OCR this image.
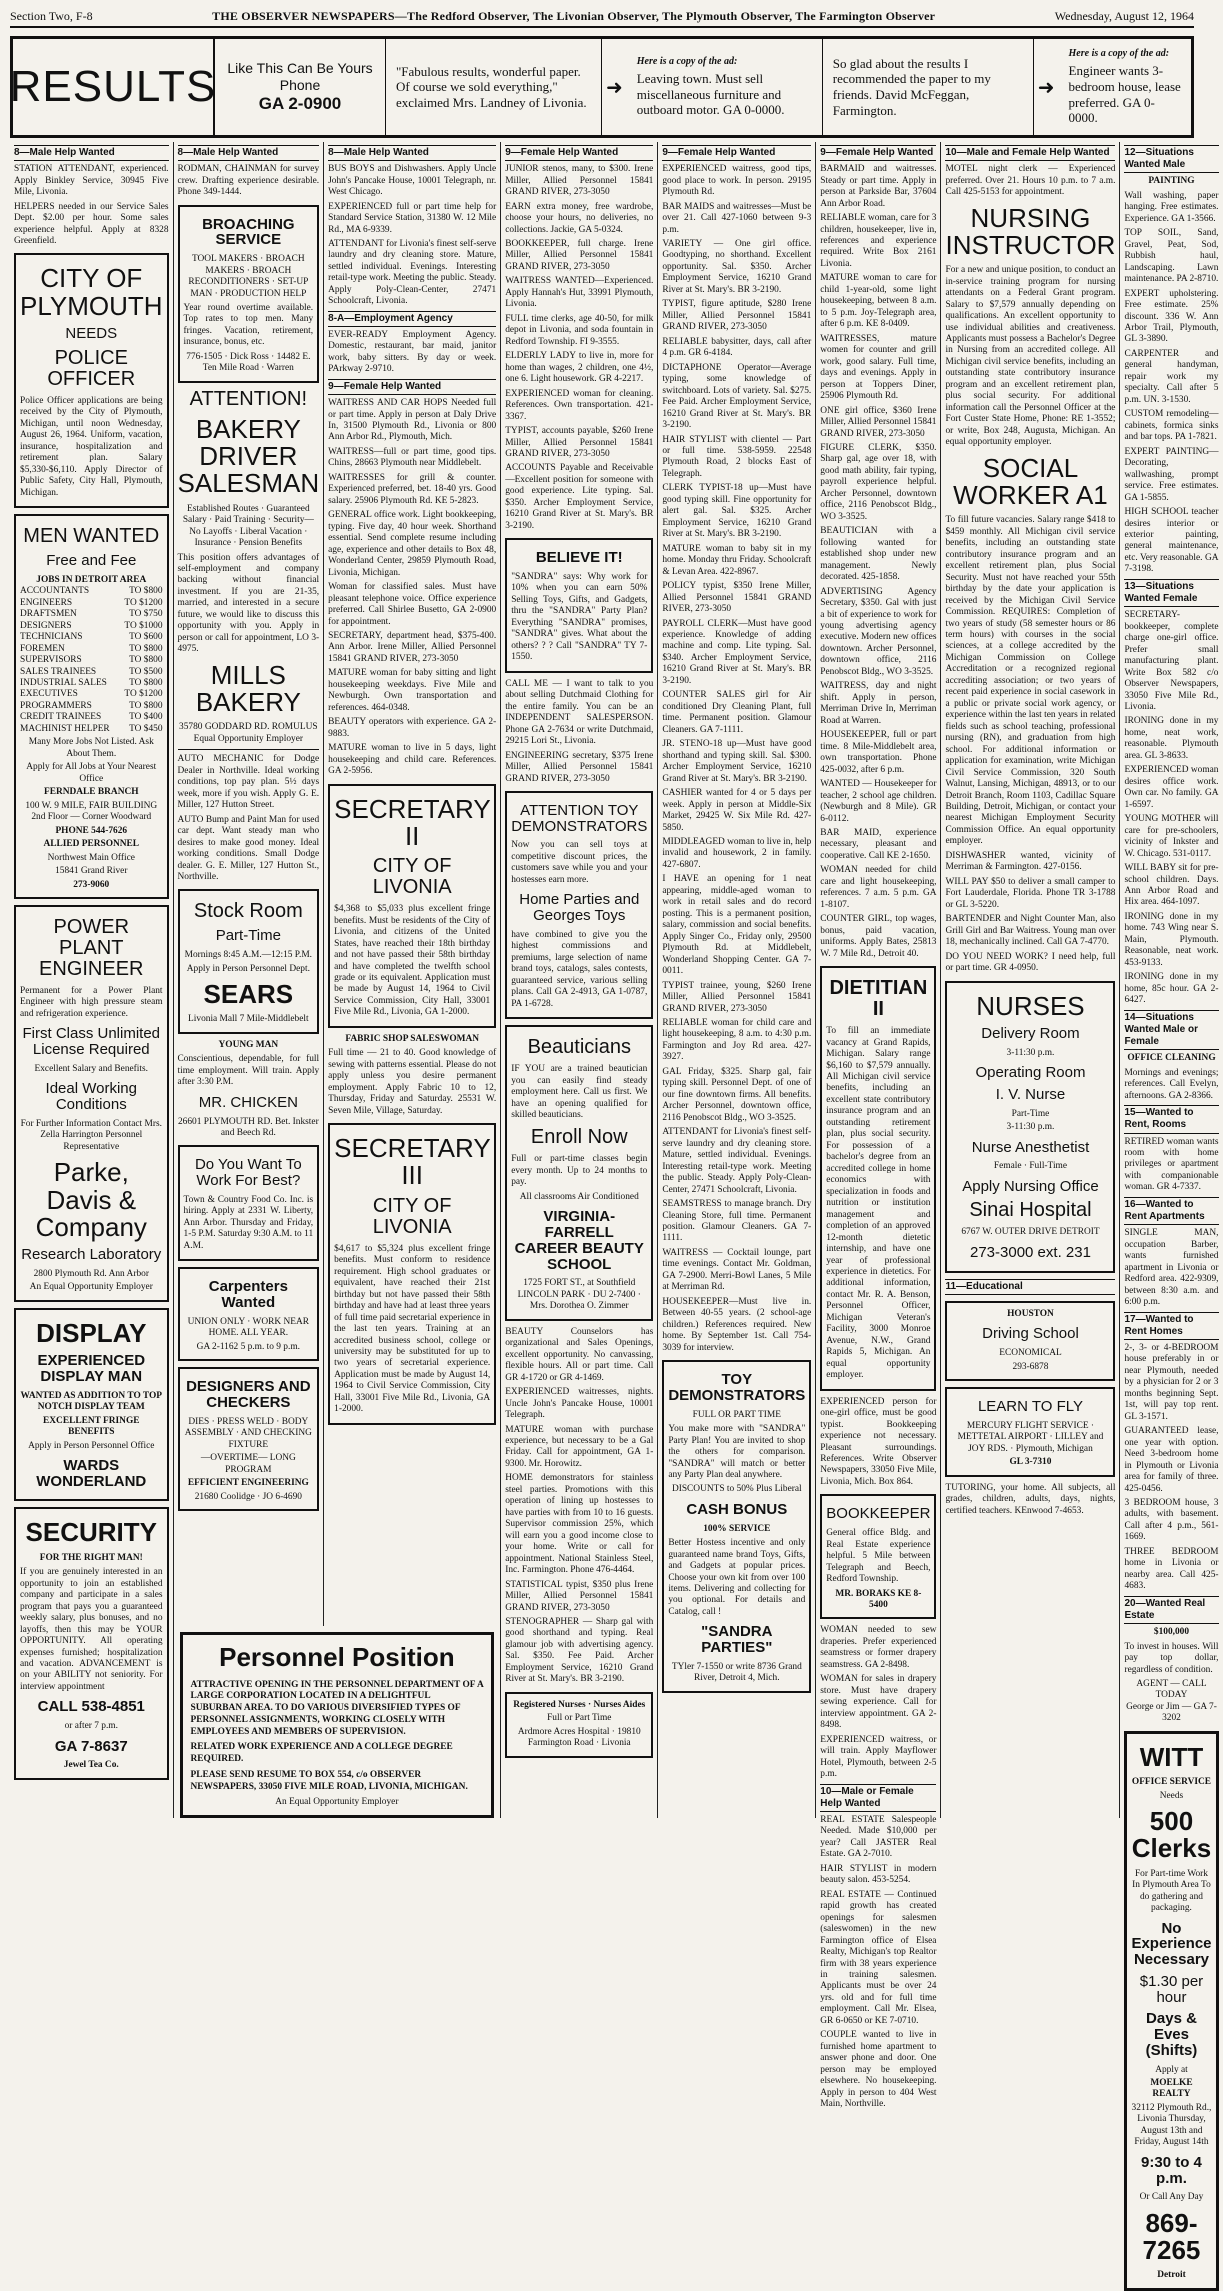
Section Two, F-8	THE OBSERVER NEWSPAPERS—The Redford Observer, The Livonian Observer, The Plymouth Observer, The Farmington Observer	Wednesday, August 12, 1964
RESULTS Like This Can Be Yours
Phone
GA 2-0900
"Fabulous results, wonderful paper. Of course we sold everything," exclaimed Mrs. Landney of Livonia.
➜
Here is a copy of the ad:
Leaving town. Must sell miscellaneous furniture and outboard motor. GA 0-0000.
So glad about the results I recommended the paper to my friends. David McFeggan, Farmington.
➜
Here is a copy of the ad:
Engineer wants 3-bedroom house, lease preferred. GA 0-0000.
8—Male Help Wanted
STATION ATTENDANT, experienced. Apply Binkley Service, 30945 Five Mile, Livonia.
HELPERS needed in our Service Sales Dept. $2.00 per hour. Some sales experience helpful. Apply at 8328 Greenfield.
CITY OF PLYMOUTH
NEEDS
POLICE OFFICER
Police Officer applications are being received by the City of Plymouth, Michigan, until noon Wednesday, August 26, 1964. Uniform, vacation, insurance, hospitalization and retirement plan. Salary $5,330-$6,110. Apply Director of Public Safety, City Hall, Plymouth, Michigan.
MEN WANTED
Free and Fee
JOBS IN DETROIT AREA
ACCOUNTANTS	TO $800
ENGINEERS	TO $1200
DRAFTSMEN	TO $750
DESIGNERS	TO $1000
TECHNICIANS	TO $600
FOREMEN	TO $800
SUPERVISORS	TO $800
SALES TRAINEES	TO $500
INDUSTRIAL SALES TO $800
EXECUTIVES	TO $1200
PROGRAMMERS	TO $800
CREDIT TRAINEES	TO $400
MACHINIST HELPER TO $450
Many More Jobs Not Listed. Ask About Them.
Apply for All Jobs at Your Nearest Office
FERNDALE BRANCH
100 W. 9 MILE, FAIR BUILDING 2nd Floor — Corner Woodward
PHONE 544-7626
ALLIED PERSONNEL
Northwest Main Office
15841 Grand River
273-9060
POWER PLANT ENGINEER
Permanent for a Power Plant Engineer with high pressure steam and refrigeration experience.
First Class Unlimited License Required
Excellent Salary and Benefits.
Ideal Working Conditions
For Further Information Contact Mrs. Zella Harrington Personnel Representative
Parke, Davis & Company
Research Laboratory
2800 Plymouth Rd. Ann Arbor
An Equal Opportunity Employer
DISPLAY
EXPERIENCED DISPLAY MAN
WANTED AS ADDITION TO TOP NOTCH DISPLAY TEAM
EXCELLENT FRINGE BENEFITS
Apply in Person Personnel Office
WARDS WONDERLAND
SECURITY
FOR THE RIGHT MAN!
If you are genuinely interested in an opportunity to join an established company and participate in a sales program that pays you a guaranteed weekly salary, plus bonuses, and no layoffs, then this may be YOUR OPPORTUNITY. All operating expenses furnished; hospitalization and vacation. ADVANCEMENT is on your ABILITY not seniority. For interview appointment
CALL 538-4851
or after 7 p.m.
GA 7-8637
Jewel Tea Co.
8—Male Help Wanted
RODMAN, CHAINMAN for survey crew. Drafting experience desirable. Phone 349-1444.
BROACHING SERVICE
TOOL MAKERS · BROACH MAKERS · BROACH RECONDITIONERS · SET-UP MAN · PRODUCTION HELP
Year round overtime available. Top rates to top men. Many fringes. Vacation, retirement, insurance, bonus, etc.
776-1505 · Dick Ross · 14482 E. Ten Mile Road · Warren
ATTENTION!
BAKERY DRIVER SALESMAN
Established Routes · Guaranteed Salary · Paid Training · Security—No Layoffs · Liberal Vacation · Insurance · Pension Benefits
This position offers advantages of self-employment and company backing without financial investment. If you are 21-35, married, and interested in a secure future, we would like to discuss this opportunity with you. Apply in person or call for appointment, LO 3-4975.
MILLS BAKERY
35780 GODDARD RD. ROMULUS
Equal Opportunity Employer
AUTO MECHANIC for Dodge Dealer in Northville. Ideal working conditions, top pay plan. 5½ days week, more if you wish. Apply G. E. Miller, 127 Hutton Street.
AUTO Bump and Paint Man for used car dept. Want steady man who desires to make good money. Ideal working conditions. Small Dodge dealer. G. E. Miller, 127 Hutton St., Northville.
Stock Room
Part-Time
Mornings 8:45 A.M.—12:15 P.M.
Apply in Person Personnel Dept.
SEARS
Livonia Mall 7 Mile-Middlebelt
YOUNG MAN
Conscientious, dependable, for full time employment. Will train. Apply after 3:30 P.M.
MR. CHICKEN
26601 PLYMOUTH RD. Bet. Inkster and Beech Rd.
Do You Want To Work For Best?
Town & Country Food Co. Inc. is hiring. Apply at 2331 W. Liberty, Ann Arbor. Thursday and Friday, 1-5 P.M. Saturday 9:30 A.M. to 11 A.M.
Carpenters Wanted
UNION ONLY · WORK NEAR HOME. ALL YEAR.
GA 2-1162 5 p.m. to 9 p.m.
DESIGNERS AND CHECKERS
DIES · PRESS WELD · BODY ASSEMBLY · AND CHECKING FIXTURE
—OVERTIME— LONG PROGRAM
EFFICIENT ENGINEERING
21680 Coolidge · JO 6-4690
8—Male Help Wanted
BUS BOYS and Dishwashers. Apply Uncle John's Pancake House, 10001 Telegraph, nr. West Chicago.
EXPERIENCED full or part time help for Standard Service Station, 31380 W. 12 Mile Rd., MA 6-9339.
ATTENDANT for Livonia's finest self-serve laundry and dry cleaning store. Mature, settled individual. Evenings. Interesting retail-type work. Meeting the public. Steady. Apply Poly-Clean-Center, 27471 Schoolcraft, Livonia.
8-A—Employment Agency
EVER-READY Employment Agency. Domestic, restaurant, bar maid, janitor work, baby sitters. By day or week. PArkway 2-9710.
9—Female Help Wanted
WAITRESS AND CAR HOPS Needed full or part time. Apply in person at Daly Drive In, 31500 Plymouth Rd., Livonia or 800 Ann Arbor Rd., Plymouth, Mich.
WAITRESS—full or part time, good tips. Chins, 28663 Plymouth near Middlebelt.
WAITRESSES for grill & counter. Experienced preferred, bet. 18-40 yrs. Good salary. 25906 Plymouth Rd. KE 5-2823.
GENERAL office work. Light bookkeeping, typing. Five day, 40 hour week. Shorthand essential. Send complete resume including age, experience and other details to Box 48, Wonderland Center, 29859 Plymouth Road, Livonia, Michigan.
Woman for classified sales. Must have pleasant telephone voice. Office experience preferred. Call Shirlee Busetto, GA 2-0900 for appointment.
SECRETARY, department head, $375-400. Ann Arbor. Irene Miller, Allied Personnel 15841 GRAND RIVER, 273-3050
MATURE woman for baby sitting and light housekeeping weekdays. Five Mile and Newburgh. Own transportation and references. 464-0348.
BEAUTY operators with experience. GA 2-9883.
MATURE woman to live in 5 days, light housekeeping and child care. References. GA 2-5956.
SECRETARY II
CITY OF LIVONIA
$4,368 to $5,033 plus excellent fringe benefits. Must be residents of the City of Livonia, and citizens of the United States, have reached their 18th birthday and not have passed their 58th birthday and have completed the twelfth school grade or its equivalent. Application must be made by August 14, 1964 to Civil Service Commission, City Hall, 33001 Five Mile Rd., Livonia, GA 1-2000.
FABRIC SHOP SALESWOMAN
Full time — 21 to 40. Good knowledge of sewing with patterns essential. Please do not apply unless you desire permanent employment. Apply Fabric 10 to 12, Thursday, Friday and Saturday. 25531 W. Seven Mile, Village, Saturday.
SECRETARY III
CITY OF LIVONIA
$4,617 to $5,324 plus excellent fringe benefits. Must conform to residence requirement. High school graduates or equivalent, have reached their 21st birthday but not have passed their 58th birthday and have had at least three years of full time paid secretarial experience in the last ten years. Training at an accredited business school, college or university may be substituted for up to two years of secretarial experience. Application must be made by August 14, 1964 to Civil Service Commission, City Hall, 33001 Five Mile Rd., Livonia, GA 1-2000.
Personnel Position
ATTRACTIVE OPENING IN THE PERSONNEL DEPARTMENT OF A LARGE CORPORATION LOCATED IN A DELIGHTFUL SUBURBAN AREA. TO DO VARIOUS DIVERSIFIED TYPES OF PERSONNEL ASSIGNMENTS, WORKING CLOSELY WITH EMPLOYEES AND MEMBERS OF SUPERVISION.
RELATED WORK EXPERIENCE AND A COLLEGE DEGREE REQUIRED.
PLEASE SEND RESUME TO BOX 554, c/o OBSERVER NEWSPAPERS, 33050 FIVE MILE ROAD, LIVONIA, MICHIGAN.
An Equal Opportunity Employer
9—Female Help Wanted
JUNIOR stenos, many, to $300. Irene Miller, Allied Personnel 15841 GRAND RIVER, 273-3050
EARN extra money, free wardrobe, choose your hours, no deliveries, no collections. Jackie, GA 5-0324.
BOOKKEEPER, full charge. Irene Miller, Allied Personnel 15841 GRAND RIVER, 273-3050
WAITRESS WANTED—Experienced. Apply Hannah's Hut, 33991 Plymouth, Livonia.
FULL time clerks, age 40-50, for milk depot in Livonia, and soda fountain in Redford Township. FI 9-3555.
ELDERLY LADY to live in, more for home than wages, 2 children, one 4½, one 6. Light housework. GR 4-2217.
EXPERIENCED woman for cleaning. References. Own transportation. 421-3367.
TYPIST, accounts payable, $260 Irene Miller, Allied Personnel 15841 GRAND RIVER, 273-3050
ACCOUNTS Payable and Receivable—Excellent position for someone with good experience. Lite typing. Sal. $350. Archer Employment Service, 16210 Grand River at St. Mary's. BR 3-2190.
BELIEVE IT!
"SANDRA" says: Why work for 10% when you can earn 50% Selling Toys, Gifts, and Gadgets, thru the "SANDRA" Party Plan? Everything "SANDRA" promises, "SANDRA" gives. What about the others? ? ? Call "SANDRA" TY 7-1550.
CALL ME — I want to talk to you about selling Dutchmaid Clothing for the entire family. You can be an INDEPENDENT SALESPERSON. Phone GA 2-7634 or write Dutchmaid, 29215 Lori St., Livonia.
ENGINEERING secretary, $375 Irene Miller, Allied Personnel 15841 GRAND RIVER, 273-3050
ATTENTION TOY DEMONSTRATORS
Now you can sell toys at competitive discount prices, the customers save while you and your hostesses earn more.
Home Parties and Georges Toys
have combined to give you the highest commissions and premiums, large selection of name brand toys, catalogs, sales contests, guaranteed service, various selling plans. Call GA 2-4913, GA 1-0787, PA 1-6728.
Beauticians
IF YOU are a trained beautician you can easily find steady employment here. Call us first. We have an opening qualified for skilled beauticians.
Enroll Now
Full or part-time classes begin every month. Up to 24 months to pay.
All classrooms Air Conditioned
VIRGINIA-FARRELL CAREER BEAUTY SCHOOL
1725 FORT ST., at Southfield LINCOLN PARK · DU 2-7400 · Mrs. Dorothea O. Zimmer
BEAUTY Counselors has organizational and Sales Openings, excellent opportunity. No canvassing, flexible hours. All or part time. Call GR 4-1720 or GR 4-1469.
EXPERIENCED waitresses, nights. Uncle John's Pancake House, 10001 Telegraph.
MATURE woman with purchase experience, but necessary to be a Gal Friday. Call for appointment, GA 1-9300. Mr. Horowitz.
HOME demonstrators for stainless steel parties. Promotions with this operation of lining up hostesses to have parties with from 10 to 16 guests. Supervisor commission 25%, which will earn you a good income close to your home. Write or call for appointment. National Stainless Steel, Inc. Farmington. Phone 476-4464.
STATISTICAL typist, $350 plus Irene Miller, Allied Personnel 15841 GRAND RIVER, 273-3050
STENOGRAPHER — Sharp gal with good shorthand and typing. Real glamour job with advertising agency. Sal. $350. Fee Paid. Archer Employment Service, 16210 Grand River at St. Mary's. BR 3-2190.
Registered Nurses · Nurses Aides
Full or Part Time
Ardmore Acres Hospital · 19810 Farmington Road · Livonia
9—Female Help Wanted
EXPERIENCED waitress, good tips, good place to work. In person. 29195 Plymouth Rd.
BAR MAIDS and waitresses—Must be over 21. Call 427-1060 between 9-3 p.m.
VARIETY — One girl office. Goodtyping, no shorthand. Excellent opportunity. Sal. $350. Archer Employment Service, 16210 Grand River at St. Mary's. BR 3-2190.
TYPIST, figure aptitude, $280 Irene Miller, Allied Personnel 15841 GRAND RIVER, 273-3050
RELIABLE babysitter, days, call after 4 p.m. GR 6-4184.
DICTAPHONE Operator—Average typing, some knowledge of switchboard. Lots of variety. Sal. $275. Fee Paid. Archer Employment Service, 16210 Grand River at St. Mary's. BR 3-2190.
HAIR STYLIST with clientel — Part or full time. 538-5959. 22548 Plymouth Road, 2 blocks East of Telegraph.
CLERK TYPIST-18 up—Must have good typing skill. Fine opportunity for alert gal. Sal. $325. Archer Employment Service, 16210 Grand River at St. Mary's. BR 3-2190.
MATURE woman to baby sit in my home. Monday thru Friday. Schoolcraft & Levan Area. 422-8967.
POLICY typist, $350 Irene Miller, Allied Personnel 15841 GRAND RIVER, 273-3050
PAYROLL CLERK—Must have good experience. Knowledge of adding machine and comp. Lite typing. Sal. $340. Archer Employment Service, 16210 Grand River at St. Mary's. BR 3-2190.
COUNTER SALES girl for Air conditioned Dry Cleaning Plant, full time. Permanent position. Glamour Cleaners. GA 7-1111.
JR. STENO-18 up—Must have good shorthand and typing skill. Sal. $300. Archer Employment Service, 16210 Grand River at St. Mary's. BR 3-2190.
CASHIER wanted for 4 or 5 days per week. Apply in person at Middle-Six Market, 29425 W. Six Mile Rd. 427-5850.
MIDDLEAGED woman to live in, help invalid and housework, 2 in family. 427-6807.
I HAVE an opening for 1 neat appearing, middle-aged woman to work in retail sales and do record posting. This is a permanent position, salary, commission and social benefits. Apply Singer Co., Friday only, 29500 Plymouth Rd. at Middlebelt, Wonderland Shopping Center. GA 7-0011.
TYPIST trainee, young, $260 Irene Miller, Allied Personnel 15841 GRAND RIVER, 273-3050
RELIABLE woman for child care and light housekeeping, 8 a.m. to 4:30 p.m. Farmington and Joy Rd area. 427-3927.
GAL Friday, $325. Sharp gal, fair typing skill. Personnel Dept. of one of our fine downtown firms. All benefits. Archer Personnel, downtown office, 2116 Penobscot Bldg., WO 3-3525.
ATTENDANT for Livonia's finest self-serve laundry and dry cleaning store. Mature, settled individual. Evenings. Interesting retail-type work. Meeting the public. Steady. Apply Poly-Clean-Center, 27471 Schoolcraft, Livonia.
SEAMSTRESS to manage branch. Dry Cleaning Store, full time. Permanent position. Glamour Cleaners. GA 7-1111.
WAITRESS — Cocktail lounge, part time evenings. Contact Mr. Goldman, GA 7-2900. Merri-Bowl Lanes, 5 Mile at Merriman Rd.
HOUSEKEEPER—Must live in. Between 40-55 years. (2 school-age children.) References required. New home. By September 1st. Call 754-3039 for interview.
TOY DEMONSTRATORS
FULL OR PART TIME
You make more with "SANDRA" Party Plan! You are invited to shop the others for comparison. "SANDRA" will match or better any Party Plan deal anywhere.
DISCOUNTS to 50% Plus Liberal
CASH BONUS
100% SERVICE
Better Hostess incentive and only guaranteed name brand Toys, Gifts, and Gadgets at popular prices. Choose your own kit from over 100 items. Delivering and collecting for you optional. For details and Catalog, call !
"SANDRA PARTIES"
TYler 7-1550 or write 8736 Grand River, Detroit 4, Mich.
9—Female Help Wanted
BARMAID and waitresses. Steady or part time. Apply in person at Parkside Bar, 37604 Ann Arbor Road.
RELIABLE woman, care for 3 children, housekeeper, live in, references and experience required. Write Box 2161 Livonia.
MATURE woman to care for child 1-year-old, some light housekeeping, between 8 a.m. to 5 p.m. Joy-Telegraph area, after 6 p.m. KE 8-0409.
WAITRESSES, mature women for counter and grill work, good salary. Full time, days and evenings. Apply in person at Toppers Diner, 25906 Plymouth Rd.
ONE girl office, $360 Irene Miller, Allied Personnel 15841 GRAND RIVER, 273-3050
FIGURE CLERK, $350. Sharp gal, age over 18, with good math ability, fair typing, payroll experience helpful. Archer Personnel, downtown office, 2116 Penobscot Bldg., WO 3-3525.
BEAUTICIAN with a following wanted for established shop under new management. Newly decorated. 425-1858.
ADVERTISING Agency Secretary, $350. Gal with just a bit of experience to work for young advertising agency executive. Modern new offices downtown. Archer Personnel, downtown office, 2116 Penobscot Bldg., WO 3-3525.
WAITRESS, day and night shift. Apply in person, Merriman Drive In, Merriman Road at Warren.
HOUSEKEEPER, full or part time. 8 Mile-Middlebelt area, own transportation. Phone 425-0032, after 6 p.m.
WANTED — Housekeeper for teacher, 2 school age children. (Newburgh and 8 Mile). GR 6-0112.
BAR MAID, experience necessary, pleasant and cooperative. Call KE 2-1650.
WOMAN needed for child care and light housekeeping, references. 7 a.m. 5 p.m. GA 1-8107.
COUNTER GIRL, top wages, bonus, paid vacation, uniforms. Apply Bates, 25813 W. 7 Mile Rd., Detroit 40.
DIETITIAN II
To fill an immediate vacancy at Grand Rapids, Michigan. Salary range $6,160 to $7,579 annually. All Michigan civil service benefits, including an excellent state contributory insurance program and an outstanding retirement plan, plus social security. For possession of a bachelor's degree from an accredited college in home economics with specialization in foods and nutrition or institution management and completion of an approved 12-month dietetic internship, and have one year of professional experience in dietetics. For additional information, contact Mr. R. A. Benson, Personnel Officer, Michigan Veteran's Facility, 3000 Monroe Avenue, N.W., Grand Rapids 5, Michigan. An equal opportunity employer.
EXPERIENCED person for one-girl office, must be good typist. Bookkeeping experience not necessary. Pleasant surroundings. References. Write Observer Newspapers, 33050 Five Mile, Livonia, Mich. Box 864.
BOOKKEEPER
General office Bldg. and Real Estate experience helpful. 5 Mile between Telegraph and Beech, Redford Township.
MR. BORAKS KE 8-5400
WOMAN needed to sew draperies. Prefer experienced seamstress or former drapery seamstress. GA 2-8498.
WOMAN for sales in drapery store. Must have drapery sewing experience. Call for interview appointment. GA 2-8498.
EXPERIENCED waitress, or will train. Apply Mayflower Hotel, Plymouth, between 2-5 p.m.
10—Male or Female Help Wanted
REAL ESTATE Salespeople Needed. Made $10,000 per year? Call JASTER Real Estate. GA 2-7010.
HAIR STYLIST in modern beauty salon. 453-5254.
REAL ESTATE — Continued rapid growth has created openings for salesmen (saleswomen) in the new Farmington office of Elsea Realty, Michigan's top Realtor firm with 38 years experience in training salesmen. Applicants must be over 24 yrs. old and for full time employment. Call Mr. Elsea, GR 6-0650 or KE 7-0710.
COUPLE wanted to live in furnished home apartment to answer phone and door. One person may be employed elsewhere. No housekeeping. Apply in person to 404 West Main, Northville.
10—Male and Female Help Wanted
MOTEL night clerk — Experienced preferred. Over 21. Hours 10 p.m. to 7 a.m. Call 425-5153 for appointment.
NURSING INSTRUCTOR
For a new and unique position, to conduct an in-service training program for nursing attendants on a Federal Grant program. Salary to $7,579 annually depending on qualifications. An excellent opportunity to use individual abilities and creativeness. Applicants must possess a Bachelor's Degree in Nursing from an accredited college. All Michigan civil service benefits, including an outstanding state contributory insurance program and an excellent retirement plan, plus social security. For additional information call the Personnel Officer at the Fort Custer State Home, Phone: RE 1-3552; or write, Box 248, Augusta, Michigan. An equal opportunity employer.
SOCIAL WORKER A1
To fill future vacancies. Salary range $418 to $459 monthly. All Michigan civil service benefits, including an outstanding state contributory insurance program and an excellent retirement plan, plus Social Security. Must not have reached your 55th birthday by the date your application is received by the Michigan Civil Service Commission. REQUIRES: Completion of two years of study (58 semester hours or 86 term hours) with courses in the social sciences, at a college accredited by the Michigan Commission on College Accreditation or a recognized regional accrediting association; or two years of recent paid experience in social casework in a public or private social work agency, or experience within the last ten years in related fields such as school teaching, professional nursing (RN), and graduation from high school. For additional information or application for examination, write Michigan Civil Service Commission, 320 South Walnut, Lansing, Michigan, 48913, or to our Detroit Branch, Room 1103, Cadillac Square Building, Detroit, Michigan, or contact your nearest Michigan Employment Security Commission Office. An equal opportunity employer.
DISHWASHER wanted, vicinity of Merriman & Farmington. 427-0156.
WILL PAY $50 to deliver a small camper to Fort Lauderdale, Florida. Phone TR 3-1788 or GL 3-5220.
BARTENDER and Night Counter Man, also Grill Girl and Bar Waitress. Young man over 18, mechanically inclined. Call GA 7-4770.
DO YOU NEED WORK? I need help, full or part time. GR 4-0950.
NURSES
Delivery Room
3-11:30 p.m.
Operating Room
I. V. Nurse
Part-Time
3-11:30 p.m.
Nurse Anesthetist
Female · Full-Time
Apply Nursing Office
Sinai Hospital
6767 W. OUTER DRIVE DETROIT
273-3000 ext. 231
11—Educational
HOUSTON
Driving School
ECONOMICAL
293-6878
LEARN TO FLY
MERCURY FLIGHT SERVICE · METTETAL AIRPORT · LILLEY and JOY RDS. · Plymouth, Michigan
GL 3-7310
TUTORING, your home. All subjects, all grades, children, adults, days, nights, certified teachers. KEnwood 7-4653.
12—Situations Wanted Male
PAINTING
Wall washing, paper hanging. Free estimates. Experience. GA 1-3566.
TOP SOIL, Sand, Gravel, Peat, Sod, Rubbish haul, Landscaping. Lawn maintenance. PA 2-8710.
EXPERT upholstering. Free estimate. 25% discount. 336 W. Ann Arbor Trail, Plymouth, GL 3-3890.
CARPENTER and general handyman, repair work my specialty. Call after 5 p.m. UN. 3-1530.
CUSTOM remodeling—cabinets, formica sinks and bar tops. PA 1-7821.
EXPERT PAINTING—Decorating, wallwashing, prompt service. Free estimates. GA 1-5855.
HIGH SCHOOL teacher desires interior or exterior painting, general maintenance, etc. Very reasonable. GA 7-3198.
13—Situations Wanted Female
SECRETARY-bookkeeper, complete charge one-girl office. Prefer small manufacturing plant. Write Box 582 c/o Observer Newspapers, 33050 Five Mile Rd., Livonia.
IRONING done in my home, neat work, reasonable. Plymouth area. GL 3-8633.
EXPERIENCED woman desires office work. Own car. No family. GA 1-6597.
YOUNG MOTHER will care for pre-schoolers, vicinity of Inkster and W. Chicago. 531-0117.
WILL BABY sit for pre-school children. Days. Ann Arbor Road and Hix area. 464-1097.
IRONING done in my home. 743 Wing near S. Main, Plymouth. Reasonable, neat work. 453-9133.
IRONING done in my home, 85c hour. GA 2-6427.
14—Situations Wanted Male or Female
OFFICE CLEANING
Mornings and evenings; references. Call Evelyn, afternoons. GA 2-8366.
15—Wanted to Rent, Rooms
RETIRED woman wants room with home privileges or apartment with companionable woman. GR 4-7337.
16—Wanted to Rent Apartments
SINGLE MAN, occupation Barber, wants furnished apartment in Livonia or Redford area. 422-9309, between 8:30 a.m. and 6:00 p.m.
17—Wanted to Rent Homes
2-, 3- or 4-BEDROOM house preferably in or near Plymouth, needed by a physician for 2 or 3 months beginning Sept. 1st, will pay top rent. GL 3-1571.
GUARANTEED lease, one year with option. Need 3-bedroom home in Plymouth or Livonia area for family of three. 425-0456.
3 BEDROOM house, 3 adults, with basement. Call after 4 p.m., 561-1669.
THREE BEDROOM home in Livonia or nearby area. Call 425-4683.
20—Wanted Real Estate
$100,000
To invest in houses. Will pay top dollar, regardless of condition.
AGENT — CALL TODAY
George or Jim — GA 7-3202
WITT
OFFICE SERVICE
Needs
500 Clerks
For Part-time Work In Plymouth Area To do gathering and packaging.
No Experience Necessary
$1.30 per hour
Days & Eves (Shifts)
Apply at
MOELKE REALTY
32112 Plymouth Rd., Livonia Thursday, August 13th and Friday, August 14th
9:30 to 4 p.m.
Or Call Any Day
869-7265
Detroit
